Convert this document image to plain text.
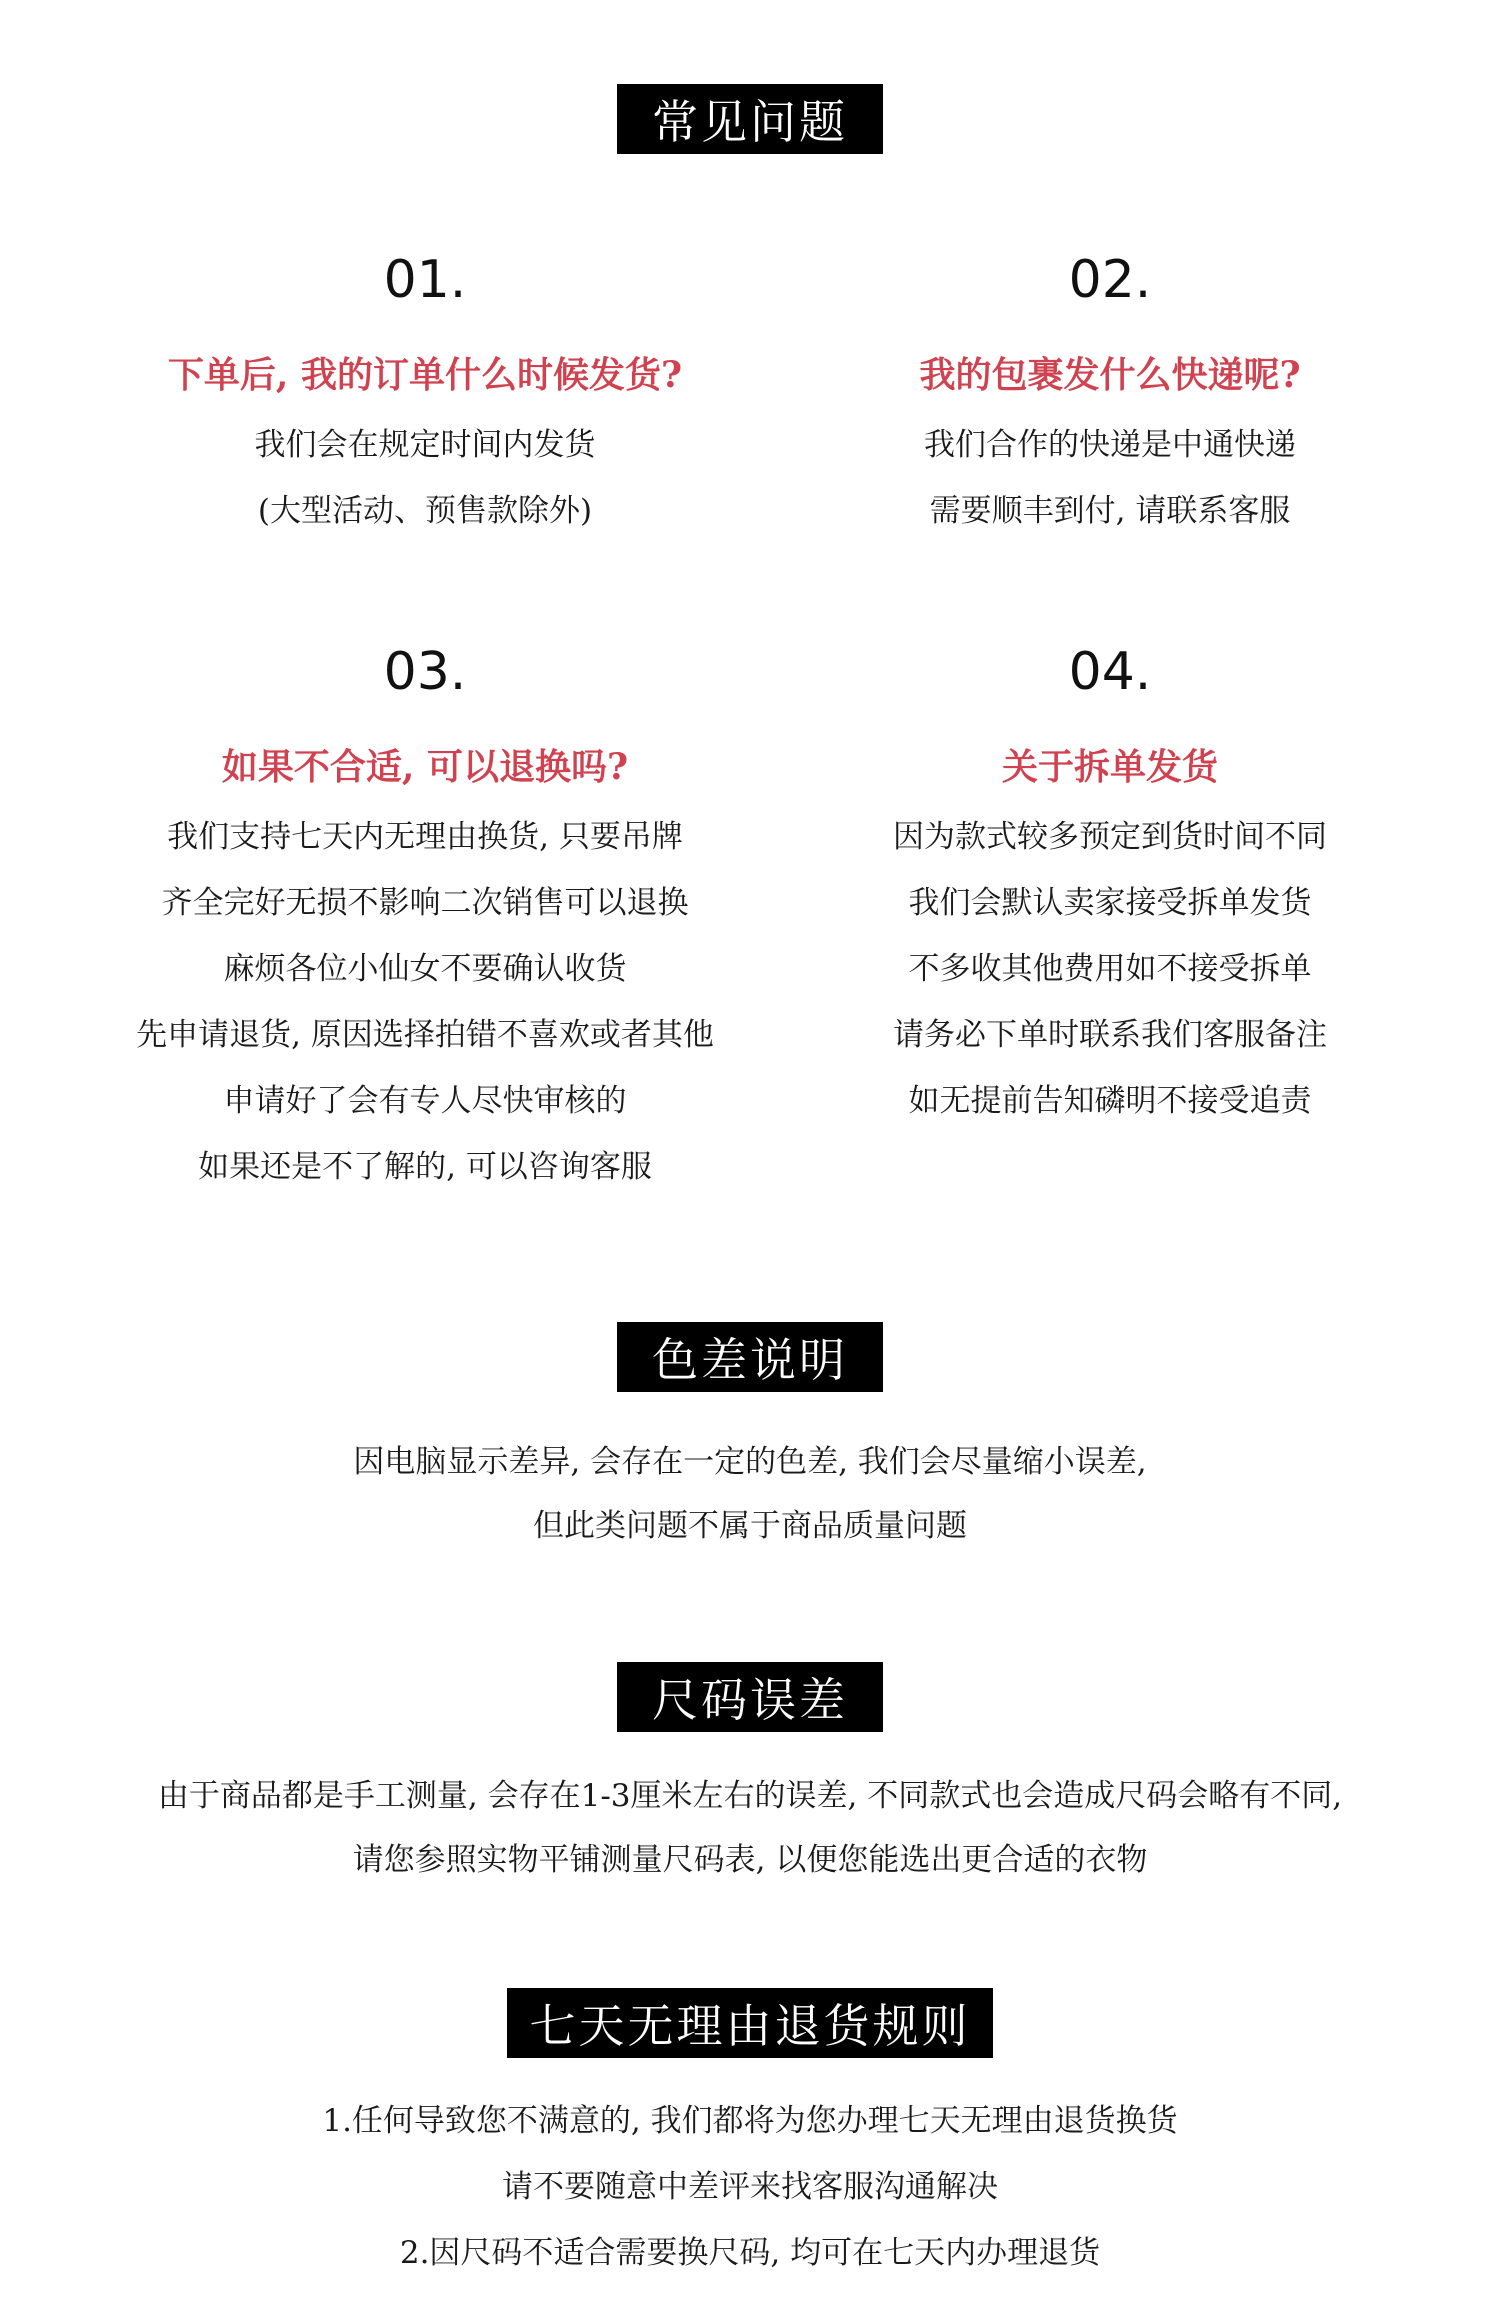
常见问题
01.
下单后, 我的订单什么时候发货?
我们会在规定时间内发货
(大型活动、预售款除外)
02.
我的包裹发什么快递呢?
我们合作的快递是中通快递
需要顺丰到付, 请联系客服
03.
如果不合适, 可以退换吗?
我们支持七天内无理由换货, 只要吊牌
齐全完好无损不影响二次销售可以退换
麻烦各位小仙女不要确认收货
先申请退货, 原因选择拍错不喜欢或者其他
申请好了会有专人尽快审核的
如果还是不了解的, 可以咨询客服
04.
关于拆单发货
因为款式较多预定到货时间不同
我们会默认卖家接受拆单发货
不多收其他费用如不接受拆单
请务必下单时联系我们客服备注
如无提前告知磷明不接受追责
色差说明
因电脑显示差异, 会存在一定的色差, 我们会尽量缩小误差,
但此类问题不属于商品质量问题
尺码误差
由于商品都是手工测量, 会存在1-3厘米左右的误差, 不同款式也会造成尺码会略有不同,
请您参照实物平铺测量尺码表, 以便您能选出更合适的衣物
七天无理由退货规则
1.任何导致您不满意的, 我们都将为您办理七天无理由退货换货
请不要随意中差评来找客服沟通解决
2.因尺码不适合需要换尺码, 均可在七天内办理退货
